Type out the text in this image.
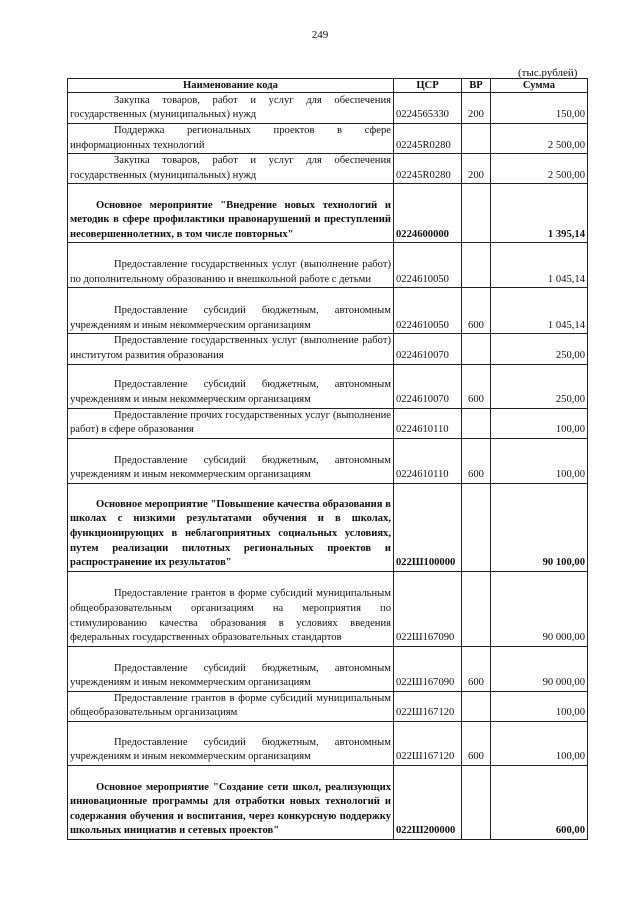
249
(тыс.рублей)
Наименование кода	ЦСР	ВР	Сумма
Закупка товаров, работ и услуг для обеспечения государственных (муниципальных) нужд	0224565330	200	150,00
Поддержка региональных проектов в сфере информационных технологий	02245R0280		2 500,00
Закупка товаров, работ и услуг для обеспечения государственных (муниципальных) нужд	02245R0280	200	2 500,00
Основное мероприятие "Внедрение новых технологий и методик в сфере профилактики правонарушений и преступлений несовершеннолетних, в том числе повторных"	0224600000		1 395,14
Предоставление государственных услуг (выполнение работ) по дополнительному образованию и внешкольной работе с детьми	0224610050		1 045,14
Предоставление субсидий бюджетным, автономным учреждениям и иным некоммерческим организациям	0224610050	600	1 045,14
Предоставление государственных услуг (выполнение работ) институтом развития образования	0224610070		250,00
Предоставление субсидий бюджетным, автономным учреждениям и иным некоммерческим организациям	0224610070	600	250,00
Предоставление прочих государственных услуг (выполнение работ) в сфере образования	0224610110		100,00
Предоставление субсидий бюджетным, автономным учреждениям и иным некоммерческим организациям	0224610110	600	100,00
Основное мероприятие "Повышение качества образования в школах с низкими результатами обучения и в школах, функционирующих в неблагоприятных социальных условиях, путем реализации пилотных региональных проектов и распространение их результатов"	022Ш100000		90 100,00
Предоставление грантов в форме субсидий муниципальным общеобразовательным организациям на мероприятия по стимулированию качества образования в условиях введения федеральных государственных образовательных стандартов	022Ш167090		90 000,00
Предоставление субсидий бюджетным, автономным учреждениям и иным некоммерческим организациям	022Ш167090	600	90 000,00
Предоставление грантов в форме субсидий муниципальным общеобразовательным организациям	022Ш167120		100,00
Предоставление субсидий бюджетным, автономным учреждениям и иным некоммерческим организациям	022Ш167120	600	100,00
Основное мероприятие "Создание сети школ, реализующих инновационные программы для отработки новых технологий и содержания обучения и воспитания, через конкурсную поддержку школьных инициатив и сетевых проектов"	022Ш200000		600,00
